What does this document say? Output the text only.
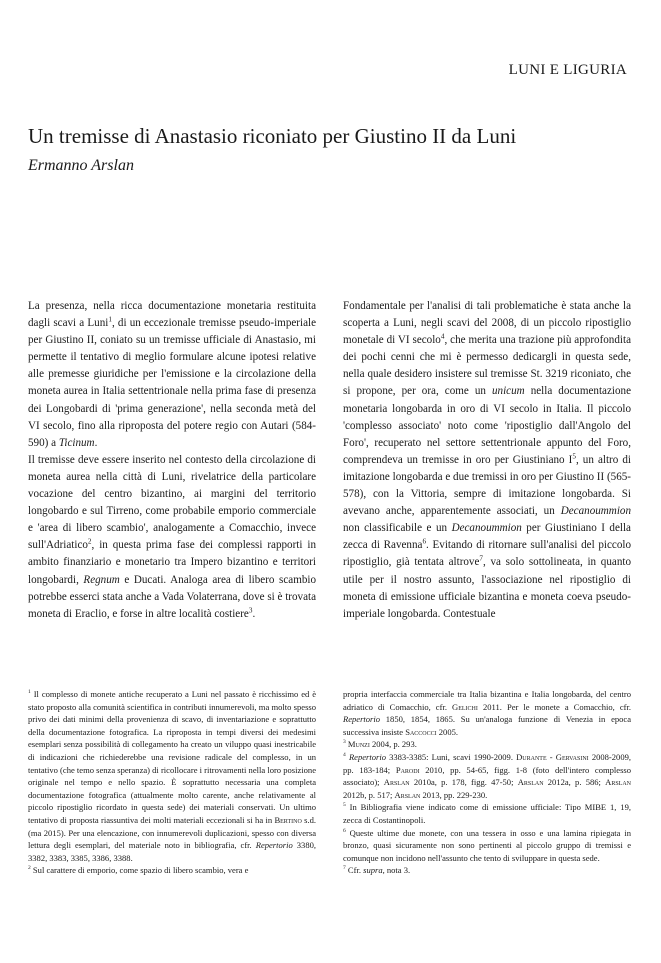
LUNI E LIGURIA
Un tremisse di Anastasio riconiato per Giustino II da Luni
Ermanno Arslan

La presenza, nella ricca documentazione monetaria restituita dagli scavi a Luni$^1$, di un eccezionale tremisse pseudo-imperiale per Giustino II, coniato su un tremisse ufficiale di Anastasio, mi permette il tentativo di meglio formulare alcune ipotesi relative alle premesse giuridiche per l'emissione e la circolazione della moneta aurea in Italia settentrionale nella prima fase di presenza dei Longobardi di 'prima generazione', nella seconda metà del VI secolo, fino alla riproposta del potere regio con Autari (584-590) a Ticinum.

Il tremisse deve essere inserito nel contesto della circolazione di moneta aurea nella città di Luni, rivelatrice della particolare vocazione del centro bizantino, ai margini del territorio longobardo e sul Tirreno, come probabile emporio commerciale e 'area di libero scambio', analogamente a Comacchio, invece sull'Adriatico$^2$, in questa prima fase dei complessi rapporti in ambito finanziario e monetario tra Impero bizantino e territori longobardi, Regnum e Ducati. Analoga area di libero scambio potrebbe esserci stata anche a Vada Volaterrana, dove si è trovata moneta di Eraclio, e forse in altre località costiere$^3$.

Fondamentale per l'analisi di tali problematiche è stata anche la scoperta a Luni, negli scavi del 2008, di un piccolo ripostiglio monetale di VI secolo$^4$, che merita una trazione più approfondita dei pochi cenni che mi è permesso dedicargli in questa sede, nella quale desidero insistere sul tremisse St. 3219 riconiato, che si propone, per ora, come un unicum nella documentazione monetaria longobarda in oro di VI secolo in Italia. Il piccolo 'complesso associato' noto come 'ripostiglio dall'Angolo del Foro', recuperato nel settore settentrionale appunto del Foro, comprendeva un tremisse in oro per Giustiniano $I^5$, un altro di imitazione longobarda e due tremissi in oro per Giustino II (565-578), con la Vittoria, sempre di imitazione longobarda. Si avevano anche, apparentemente associati, un Decanoummion non classificabile e un Decanoummion per Giustiniano I della zecca di Ravenna$^6$. Evitando di ritornare sull'analisi del piccolo ripostiglio, già tentata altrove$^7$, va solo sottolineata, in quanto utile per il nostro assunto, l'associazione nel ripostiglio di moneta di emissione ufficiale bizantina e moneta coeva pseudo-imperiale longobarda. Contestuale

$^1$ Il complesso di monete antiche recuperato a Luni nel passato è ricchissimo ed è stato proposto alla comunità scientifica in contributi innumerevoli, ma molto spesso privo dei dati minimi della provenienza di scavo, di inventariazione e soprattutto della documentazione fotografica. La riproposta in tempi diversi dei medesimi esemplari senza possibilità di collegamento ha creato un viluppo quasi inestricabile di indicazioni che richiederebbe una revisione radicale del complesso, in un tentativo (che temo senza speranza) di ricollocare i ritrovamenti nella loro posizione originale nel tempo e nello spazio. È soprattutto necessaria una completa documentazione fotografica (attualmente molto carente, anche relativamente al piccolo ripostiglio ricordato in questa sede) dei materiali conservati. Un ultimo tentativo di proposta riassuntiva dei molti materiali eccezionali si ha in Bertino s.d. (ma 2015). Per una elencazione, con innumerevoli duplicazioni, spesso con diversa lettura degli esemplari, del materiale noto in bibliografia, cfr. Repertorio 3380, 3382, 3383, 3385, 3386, 3388.

$^2$ Sul carattere di emporio, come spazio di libero scambio, vera e

propria interfaccia commerciale tra Italia bizantina e Italia longobarda, del centro adriatico di Comacchio, cfr. Gelichi 2011. Per le monete a Comacchio, cfr. Repertorio 1850, 1854, 1865. Su un'analoga funzione di Venezia in epoca successiva insiste Saccocci 2005.

$^3$ Munzi 2004, p. 293.

$^4$ Repertorio 3383-3385: Luni, scavi 1990-2009. Durante - Gervasini 2008-2009, pp. 183-184; Parodi 2010, pp. 54-65, figg. 1-8 (foto dell'intero complesso associato); Arslan 2010a, p. 178, figg. 47-50; Arslan 2012a, p. 586; Arslan 2012b, p. 517; Arslan 2013, pp. 229-230.

$^5$ In Bibliografia viene indicato come di emissione ufficiale: Tipo MIBE 1, 19, zecca di Costantinopoli.

$^6$ Queste ultime due monete, con una tessera in osso e una lamina ripiegata in bronzo, quasi sicuramente non sono pertinenti al piccolo gruppo di tremissi e comunque non incidono nell'assunto che tento di sviluppare in questa sede.

$^7$ Cfr. supra, nota 3.
